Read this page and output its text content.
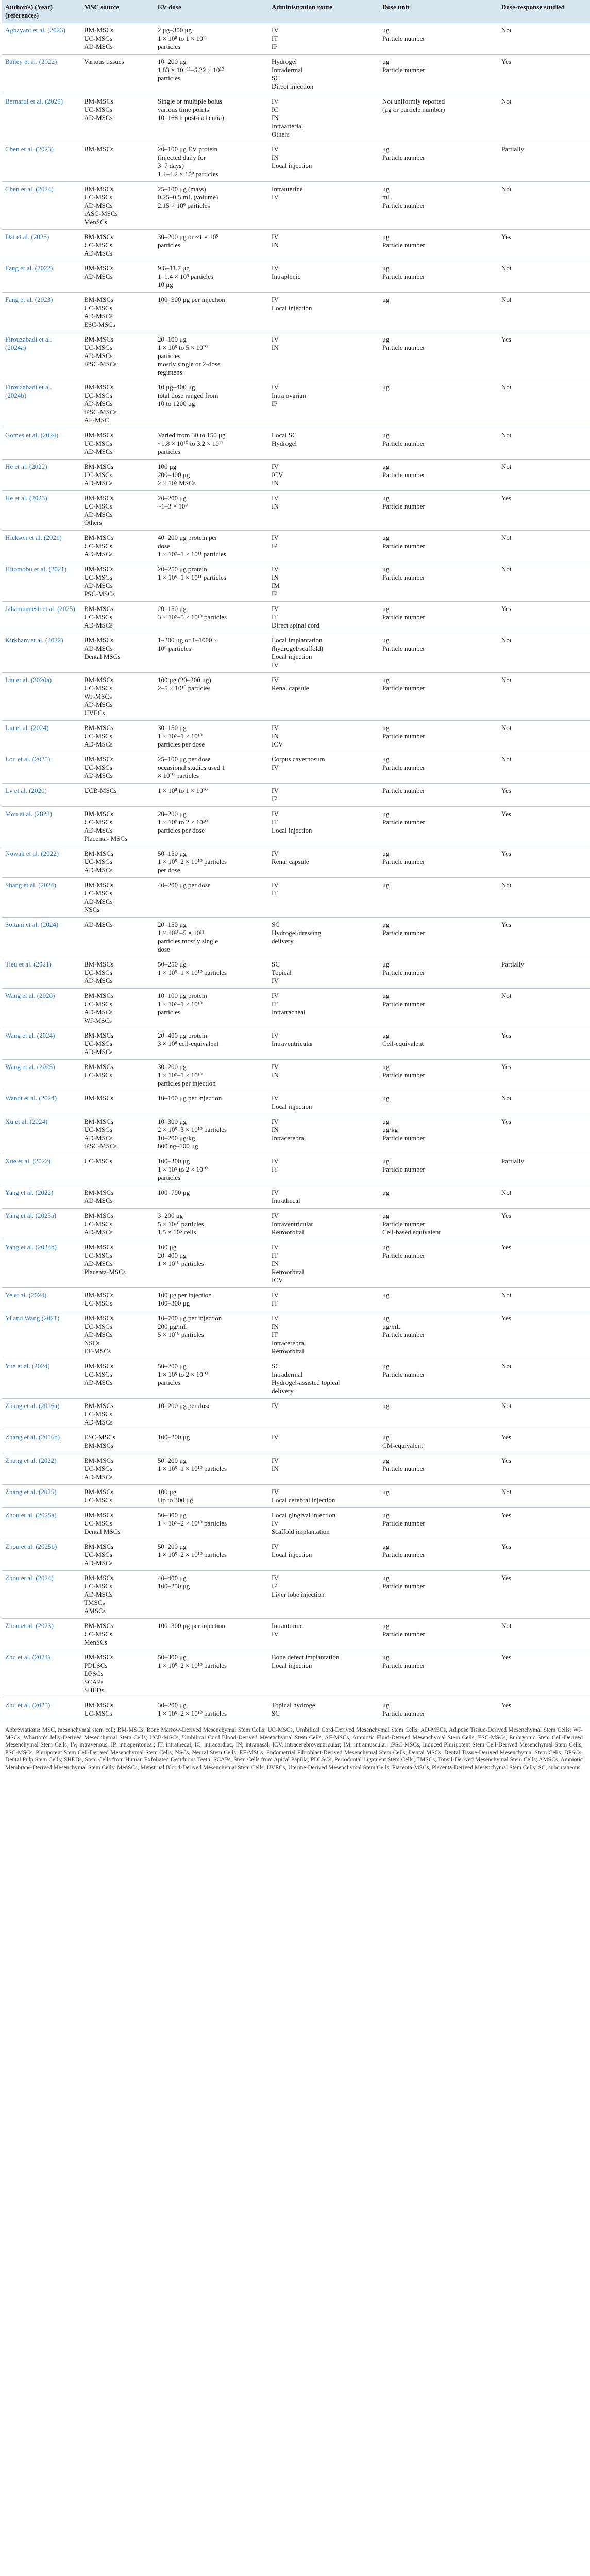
Author(s) (Year) (references)	MSC source	EV dose	Administration route	Dose unit	Dose-response studied

Agbayani et al. (2023)	BM-MSCs
UC-MSCs
AD-MSCs	2 μg–300 μg
1 × 10⁸ to 1 × 10¹¹
particles	IV
IT
IP	μg
Particle number	Not

Bailey et al. (2022)	Various tissues	10–200 μg
1.83 × 10⁻¹¹–5.22 × 10¹²
particles	Hydrogel
Intradermal
SC
Direct injection	μg
Particle number	Yes

Bernardi et al. (2025)	BM-MSCs
UC-MSCs
AD-MSCs	Single or multiple bolus
various time points
10–168 h post-ischemia)	IV
IC
IN
Intraarterial
Others	Not uniformly reported
(μg or particle number)	Not

Chen et al. (2023)	BM-MSCs	20–100 μg EV protein
(injected daily for
3–7 days)
1.4–4.2 × 10⁸ particles	IV
IN
Local injection	μg
Particle number	Partially

Chen et al. (2024)	BM-MSCs
UC-MSCs
AD-MSCs
iASC-MSCs
MenSCs	25–100 μg (mass)
0.25–0.5 mL (volume)
2.15 × 10⁹ particles	Intrauterine
IV	μg
mL
Particle number	Not

Dai et al. (2025)	BM-MSCs
UC-MSCs
AD-MSCs	30–200 μg or ~1 × 10⁹
particles	IV
IN	μg
Particle number	Yes

Fang et al. (2022)	BM-MSCs
AD-MSCs	9.6–11.7 μg
1–1.4 × 10⁹ particles
10 μg	IV
Intraplenic	μg
Particle number	Not

Fang et al. (2023)	BM-MSCs
UC-MSCs
AD-MSCs
ESC-MSCs	100–300 μg per injection	IV
Local injection	μg	Not

Firouzabadi et al.
(2024a)	BM-MSCs
UC-MSCs
AD-MSCs
iPSC-MSCs	20–100 μg
1 × 10⁹ to 5 × 10¹⁰
particles
mostly single or 2-dose
regimens	IV
IN	μg
Particle number	Yes

Firouzabadi et al.
(2024b)	BM-MSCs
UC-MSCs
AD-MSCs
iPSC-MSCs
AF-MSC	10 μg–400 μg
total dose ranged from
10 to 1200 μg	IV
Intra ovarian
IP	μg	Not

Gomes et al. (2024)	BM-MSCs
UC-MSCs
AD-MSCs	Varied from 30 to 150 μg
~1.8 × 10¹⁰ to 3.2 × 10¹¹
particles	Local SC
Hydrogel	μg
Particle number	Not

He et al. (2022)	BM-MSCs
UC-MSCs
AD-MSCs	100 μg
200–400 μg
2 × 10⁵ MSCs	IV
ICV
IN	μg
Particle number	Not

He et al. (2023)	BM-MSCs
UC-MSCs
AD-MSCs
Others	20–200 μg
~1–3 × 10⁹	IV
IN	μg
Particle number	Yes

Hickson et al. (2021)	BM-MSCs
UC-MSCs
AD-MSCs	40–200 μg protein per
dose
1 × 10⁹–1 × 10¹¹ particles	IV
IP	μg
Particle number	Not

Hitomobu et al. (2021)	BM-MSCs
UC-MSCs
AD-MSCs
PSC-MSCs	20–250 μg protein
1 × 10⁹–1 × 10¹¹ particles	IV
IN
IM
IP	μg
Particle number	Not

Jahanmanesh et al. (2025)	BM-MSCs
UC-MSCs
AD-MSCs	20–150 μg
3 × 10⁹–5 × 10¹⁰ particles	IV
IT
Direct spinal cord	μg
Particle number	Yes

Kirkham et al. (2022)	BM-MSCs
AD-MSCs
Dental MSCs	1–200 μg or 1–1000 ×
10⁹ particles	Local implantation
(hydrogel/scaffold)
Local injection
IV	μg
Particle number	Not

Liu et al. (2020a)	BM-MSCs
UC-MSCs
WJ-MSCs
AD-MSCs
UVECs	100 μg (20–200 μg)
2–5 × 10¹⁰ particles	IV
Renal capsule	μg
Particle number	Not

Liu et al. (2024)	BM-MSCs
UC-MSCs
AD-MSCs	30–150 μg
1 × 10⁹–1 × 10¹⁰
particles per dose	IV
IN
ICV	μg
Particle number	Not

Lou et al. (2025)	BM-MSCs
UC-MSCs
AD-MSCs	25–100 μg per dose
occasional studies used 1
× 10¹⁰ particles	Corpus cavernosum
IV	μg
Particle number	Not

Lv et al. (2020)	UCB-MSCs	1 × 10⁸ to 1 × 10¹⁰	IV
IP	Particle number	Yes

Mou et al. (2023)	BM-MSCs
UC-MSCs
AD-MSCs
Placenta- MSCs	20–200 μg
1 × 10⁹ to 2 × 10¹⁰
particles per dose	IV
IT
Local injection	μg
Particle number	Yes

Nowak et al. (2022)	BM-MSCs
UC-MSCs
AD-MSCs	50–150 μg
1 × 10⁹–2 × 10¹⁰ particles
per dose	IV
Renal capsule	μg
Particle number	Yes

Shang et al. (2024)	BM-MSCs
UC-MSCs
AD-MSCs
NSCs	40–200 μg per dose	IV
IT	μg	Not

Soltani et al. (2024)	AD-MSCs	20–150 μg
1 × 10¹⁰–5 × 10¹¹
particles mostly single
dose	SC
Hydrogel/dressing
delivery	μg
Particle number	Yes

Tieu et al. (2021)	BM-MSCs
UC-MSCs
AD-MSCs	50–250 μg
1 × 10⁹–1 × 10¹⁰ particles	SC
Topical
IV	μg
Particle number	Partially

Wang et al. (2020)	BM-MSCs
UC-MSCs
AD-MSCs
WJ-MSCs	10–100 μg protein
1 × 10⁹–1 × 10¹⁰
particles	IV
IT
Intratracheal	μg
Particle number	Not

Wang et al. (2024)	BM-MSCs
UC-MSCs
AD-MSCs	20–400 μg protein
3 × 10⁶ cell-equivalent	IV
Intraventricular	μg
Cell-equivalent	Yes

Wang et al. (2025)	BM-MSCs
UC-MSCs	30–200 μg
1 × 10⁹–1 × 10¹⁰
particles per injection	IV
IN	μg
Particle number	Yes

Wandt et al. (2024)	BM-MSCs	10–100 μg per injection	IV
Local injection	μg	Not

Xu et al. (2024)	BM-MSCs
UC-MSCs
AD-MSCs
iPSC-MSCs	10–300 μg
2 × 10⁹–3 × 10¹⁰ particles
10–200 μg/kg
800 ng–100 μg	IV
IN
Intracerebral	μg
μg/kg
Particle number	Yes

Xue et al. (2022)	UC-MSCs	100–300 μg
1 × 10⁹ to 2 × 10¹⁰
particles	IV
IT	μg
Particle number	Partially

Yang et al. (2022)	BM-MSCs
AD-MSCs	100–700 μg	IV
Intrathecal	μg	Not

Yang et al. (2023a)	BM-MSCs
UC-MSCs
AD-MSCs	3–200 μg
5 × 10¹⁰ particles
1.5 × 10⁵ cells	IV
Intraventricular
Retroorbital	μg
Particle number
Cell-based equivalent	Yes

Yang et al. (2023b)	BM-MSCs
UC-MSCs
AD-MSCs
Placenta-MSCs	100 μg
20–400 μg
1 × 10¹⁰ particles	IV
IT
IN
Retroorbital
ICV	μg
Particle number	Yes

Ye et al. (2024)	BM-MSCs
UC-MSCs	100 μg per injection
100–300 μg	IV
IT	μg	Not

Yi and Wang (2021)	BM-MSCs
UC-MSCs
AD-MSCs
NSCs
EF-MSCs	10–700 μg per injection
200 μg/mL
5 × 10¹⁰ particles	IV
IN
IT
Intracerebral
Retroorbital	μg
μg/mL
Particle number	Yes

Yue et al. (2024)	BM-MSCs
UC-MSCs
AD-MSCs	50–200 μg
1 × 10⁹ to 2 × 10¹⁰
particles	SC
Intradermal
Hydrogel-assisted topical
delivery	μg
Particle number	Not

Zhang et al. (2016a)	BM-MSCs
UC-MSCs
AD-MSCs	10–200 μg per dose	IV	μg	Not

Zhang et al. (2016b)	ESC-MSCs
BM-MSCs	100–200 μg	IV	μg
CM-equivalent	Yes

Zhang et al. (2022)	BM-MSCs
UC-MSCs
AD-MSCs	50–200 μg
1 × 10⁹–1 × 10¹⁰ particles	IV
IN	μg
Particle number	Yes

Zhang et al. (2025)	BM-MSCs
UC-MSCs	100 μg
Up to 300 μg	IV
Local cerebral injection	μg	Not

Zhou et al. (2025a)	BM-MSCs
UC-MSCs
Dental MSCs	50–300 μg
1 × 10⁹–2 × 10¹⁰ particles	Local gingival injection
IV
Scaffold implantation	μg
Particle number	Yes

Zhou et al. (2025b)	BM-MSCs
UC-MSCs
AD-MSCs	50–200 μg
1 × 10⁹–2 × 10¹⁰ particles	IV
Local injection	μg
Particle number	Yes

Zhou et al. (2024)	BM-MSCs
UC-MSCs
AD-MSCs
TMSCs
AMSCs	40–400 μg
100–250 μg	IV
IP
Liver lobe injection	μg
Particle number	Yes

Zhou et al. (2023)	BM-MSCs
UC-MSCs
MenSCs	100–300 μg per injection	Intrauterine
IV	μg
Particle number	Not

Zhu et al. (2024)	BM-MSCs
PDLSCs
DPSCs
SCAPs
SHEDs	50–300 μg
1 × 10⁹–2 × 10¹⁰ particles	Bone defect implantation
Local injection	μg
Particle number	Yes

Zhu et al. (2025)	BM-MSCs
UC-MSCs	30–200 μg
1 × 10⁹–2 × 10¹⁰ particles	Topical hydrogel
SC	μg
Particle number	Yes
Abbreviations: MSC, mesenchymal stem cell; BM-MSCs, Bone Marrow-Derived Mesenchymal Stem Cells; UC-MSCs, Umbilical Cord-Derived Mesenchymal Stem Cells; AD-MSCs, Adipose Tissue-Derived Mesenchymal Stem Cells; WJ-MSCs, Wharton's Jelly-Derived Mesenchymal Stem Cells; UCB-MSCs, Umbilical Cord Blood-Derived Mesenchymal Stem Cells; AF-MSCs, Amniotic Fluid-Derived Mesenchymal Stem Cells; ESC-MSCs, Embryonic Stem Cell-Derived Mesenchymal Stem Cells; IV, intravenous; IP, intraperitoneal; IT, intrathecal; IC, intracardiac; IN, intranasal; ICV, intracerebroventricular; IM, intramuscular; iPSC-MSCs, Induced Pluripotent Stem Cell-Derived Mesenchymal Stem Cells; PSC-MSCs, Pluripotent Stem Cell-Derived Mesenchymal Stem Cells; NSCs, Neural Stem Cells; EF-MSCs, Endometrial Fibroblast-Derived Mesenchymal Stem Cells; Dental MSCs, Dental Tissue-Derived Mesenchymal Stem Cells; DPSCs, Dental Pulp Stem Cells; SHEDs, Stem Cells from Human Exfoliated Deciduous Teeth; SCAPs, Stem Cells from Apical Papilla; PDLSCs, Periodontal Ligament Stem Cells; TMSCs, Tonsil-Derived Mesenchymal Stem Cells; AMSCs, Amniotic Membrane-Derived Mesenchymal Stem Cells; MenSCs, Menstrual Blood-Derived Mesenchymal Stem Cells; UVECs, Uterine-Derived Mesenchymal Stem Cells; Placenta-MSCs, Placenta-Derived Mesenchymal Stem Cells; SC, subcutaneous.
